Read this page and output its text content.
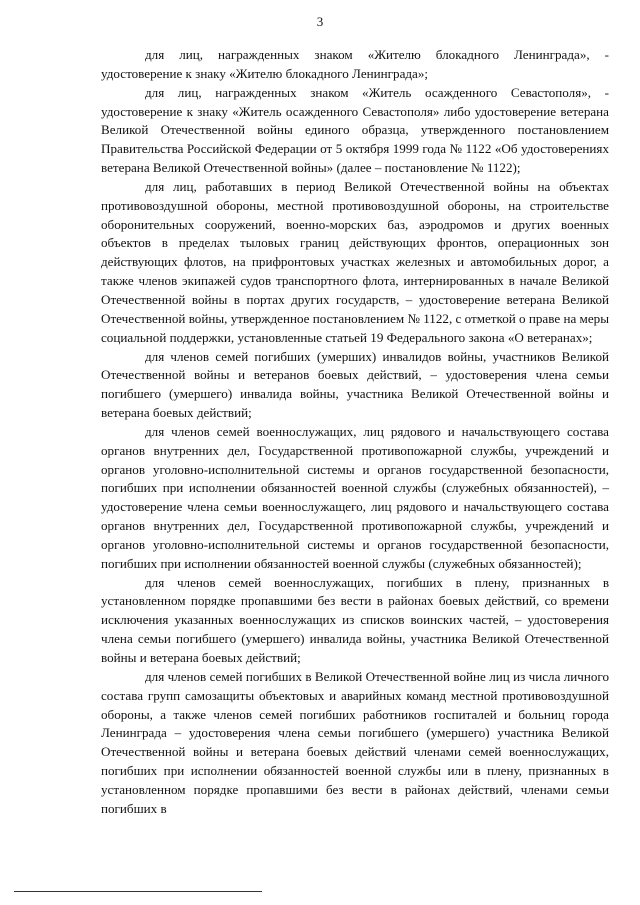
3

для лиц, награжденных знаком «Жителю блокадного Ленинграда», - удостоверение к знаку «Жителю блокадного Ленинграда»;

для лиц, награжденных знаком «Житель осажденного Севастополя», - удостоверение к знаку «Житель осажденного Севастополя» либо удостоверение ветерана Великой Отечественной войны единого образца, утвержденного постановлением Правительства Российской Федерации от 5 октября 1999 года № 1122 «Об удостоверениях ветерана Великой Отечественной войны» (далее – постановление № 1122);

для лиц, работавших в период Великой Отечественной войны на объектах противовоздушной обороны, местной противовоздушной обороны, на строительстве оборонительных сооружений, военно-морских баз, аэродромов и других военных объектов в пределах тыловых границ действующих фронтов, операционных зон действующих флотов, на прифронтовых участках железных и автомобильных дорог, а также членов экипажей судов транспортного флота, интернированных в начале Великой Отечественной войны в портах других государств, – удостоверение ветерана Великой Отечественной войны, утвержденное постановлением № 1122, с отметкой о праве на меры социальной поддержки, установленные статьей 19 Федерального закона «О ветеранах»;

для членов семей погибших (умерших) инвалидов войны, участников Великой Отечественной войны и ветеранов боевых действий, – удостоверения члена семьи погибшего (умершего) инвалида войны, участника Великой Отечественной войны и ветерана боевых действий;

для членов семей военнослужащих, лиц рядового и начальствующего состава органов внутренних дел, Государственной противопожарной службы, учреждений и органов уголовно-исполнительной системы и органов государственной безопасности, погибших при исполнении обязанностей военной службы (служебных обязанностей), – удостоверение члена семьи военнослужащего, лиц рядового и начальствующего состава органов внутренних дел, Государственной противопожарной службы, учреждений и органов уголовно-исполнительной системы и органов государственной безопасности, погибших при исполнении обязанностей военной службы (служебных обязанностей);

для членов семей военнослужащих, погибших в плену, признанных в установленном порядке пропавшими без вести в районах боевых действий, со времени исключения указанных военнослужащих из списков воинских частей, – удостоверения члена семьи погибшего (умершего) инвалида войны, участника Великой Отечественной войны и ветерана боевых действий;

для членов семей погибших в Великой Отечественной войне лиц из числа личного состава групп самозащиты объектовых и аварийных команд местной противовоздушной обороны, а также членов семей погибших работников госпиталей и больниц города Ленинграда – удостоверения члена семьи погибшего (умершего) участника Великой Отечественной войны и ветерана боевых действий членами семей военнослужащих, погибших при исполнении обязанностей военной службы или в плену, признанных в установленном порядке пропавшими без вести в районах действий, членами семьи погибших в
